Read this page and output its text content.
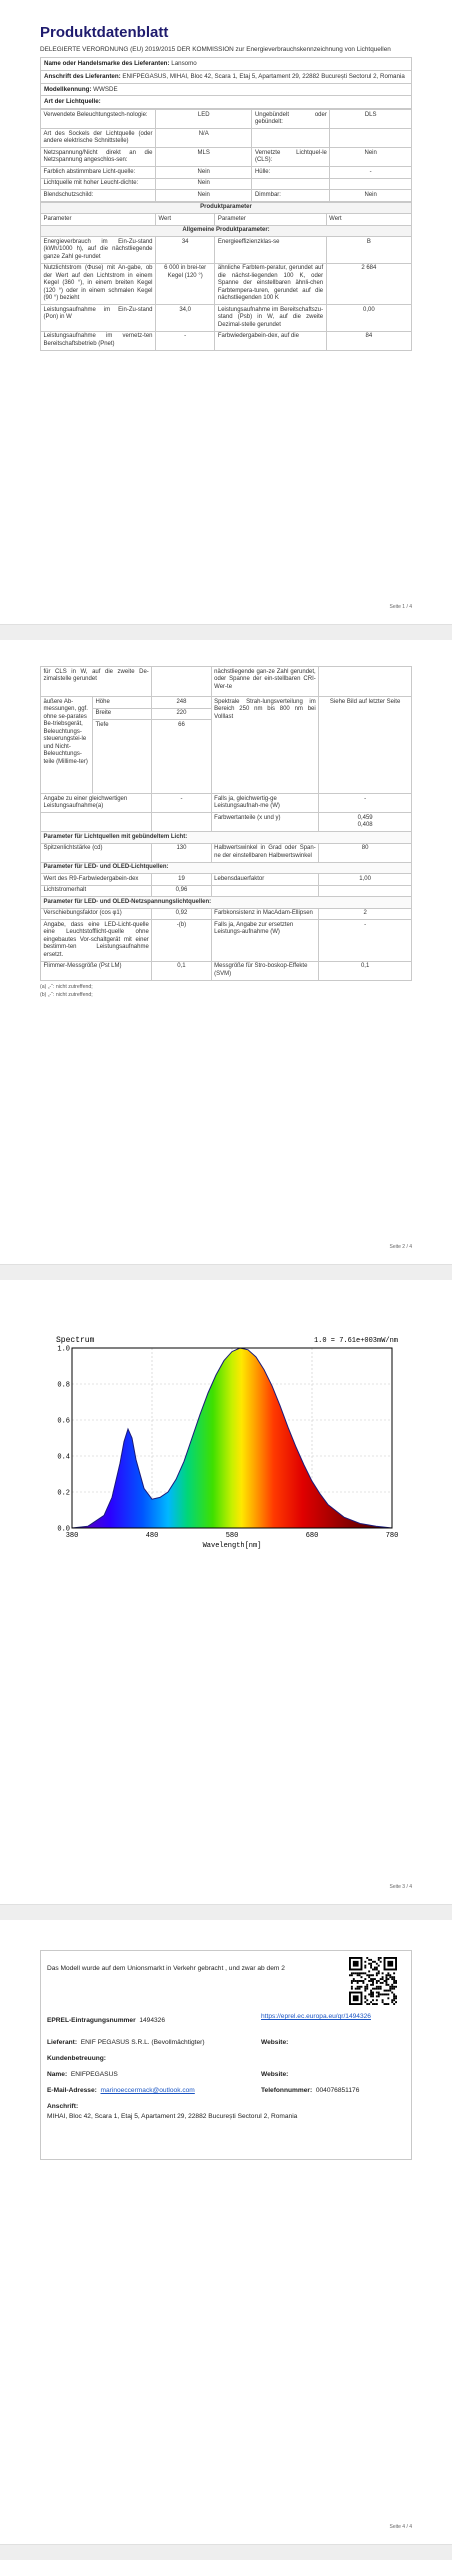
Produktdatenblatt
DELEGIERTE VERORDNUNG (EU) 2019/2015 DER KOMMISSION zur Energieverbrauchskennzeichnung von Lichtquellen
Name oder Handelsmarke des Lieferanten: Lansomo
Anschrift des Lieferanten: ENIFPEGASUS, MIHAI, Bloc 42, Scara 1, Etaj 5, Apartament 29, 22882 București Sectorul 2, Romania
Modellkennung: WWSDE
Art der Lichtquelle:
Verwendete Beleuchtungstech-nologie:	LED	Ungebündelt oder gebündelt:	DLS
Art des Sockels der Lichtquelle (oder andere elektrische Schnittstelle)	N/A		
Netzspannung/Nicht direkt an die Netzspannung angeschlos-sen:	MLS	Vernetzte Lichtquel-le (CLS):	Nein
Farblich abstimmbare Licht-quelle:	Nein	Hülle:	-
Lichtquelle mit hoher Leucht-dichte:	Nein		
Blendschutzschild:	Nein	Dimmbar:	Nein
Produktparameter			
Parameter	Wert	Parameter	Wert
Allgemeine Produktparameter:			
Energieverbrauch im Ein-Zu-stand (kWh/1000 h), auf die nächstliegende ganze Zahl ge-rundet	34	Energieeffizienzklas-se	B
Nutzlichtstrom (Φuse) mit An-gabe, ob der Wert auf den Lichtstrom in einem Kegel (360 °), in einem breiten Kegel (120 °) oder in einem schmalen Kegel (90 °) bezieht	6 000 in brei-ter Kegel (120 °)	ähnliche Farbtem-peratur, gerundet auf die nächst-liegenden 100 K, oder Spanne der einstellbaren ähnli-chen Farbtempera-turen, gerundet auf die nächstliegenden 100 K	2 684
Leistungsaufnahme im Ein-Zu-stand (Pon) in W	34,0	Leistungsaufnahme im Bereitschaftszu-stand (Psb) in W, auf die zweite Dezimal-stelle gerundet	0,00
Leistungsaufnahme im vernetz-ten Bereitschaftsbetrieb (Pnet)	-	Farbwiedergabein-dex, auf die	84
Seite 1 / 4
für CLS in W, auf die zweite De-zimalstelle gerundet			nächstliegende gan-ze Zahl gerundet, oder Spanne der ein-stellbaren CRI-Wer-te	
äußere Ab-messungen, ggf. ohne se-parates Be-triebsgerät, Beleuchtungs-steuerungstei-le und Nicht-Beleuchtungs-teile (Millime-ter)	Höhe	248	Spektrale Strah-lungsverteilung im Bereich 250 nm bis 800 nm bei Volllast	Siehe Bild auf letzter Seite
	Breite	220		
	Tiefe	66		
Angabe zu einer gleichwertigen Leistungsaufnahme(a)		-	Falls ja, gleichwertig-ge Leistungsaufnah-me (W)	-
			Farbwertanteile (x und y)	0,459
0,408
Parameter für Lichtquellen mit gebündeltem Licht:				
Spitzenlichtstärke (cd)		130	Halbwertswinkel in Grad oder Span-ne der einstellbaren Halbwertswinkel	80
Parameter für LED- und OLED-Lichtquellen:				
Wert des R9-Farbwiedergabein-dex		19	Lebensdauerfaktor	1,00
Lichtstromerhalt		0,96		
Parameter für LED- und OLED-Netzspannungslichtquellen:				
Verschiebungsfaktor (cos φ1)		0,92	Farbkonsistenz in MacAdam-Ellipsen	2
Angabe, dass eine LED-Licht-quelle eine Leuchtstofflicht-quelle ohne eingebautes Vor-schaltgerät mit einer bestimm-ten Leistungsaufnahme ersetzt.		-(b)	Falls ja, Angabe zur ersetzten Leistungs-aufnahme (W)	-
Flimmer-Messgröße (Pst LM)		0,1	Messgröße für Stro-boskop-Effekte (SVM)	0,1
(a) „-“: nicht zutreffend;
(b) „-“: nicht zutreffend;
Seite 2 / 4
380	480	580	680	780
0.0
0.2
0.4
0.6
0.8
1.0
Spectrum	1.0 = 7.61e+003mW/nm
Wavelength[nm]
Seite 3 / 4
Das Modell wurde auf dem Unionsmarkt in Verkehr gebracht , und zwar ab dem 2
EPREL-Eintragungsnummer 1494326
https://eprel.ec.europa.eu/qr/1494326
Lieferant: ENIF PEGASUS S.R.L. (Bevollmächtigter)	Website:
Kundenbetreuung:
Name: ENIFPEGASUS	Website:
E-Mail-Adresse: marinoeccermack@outlook.com	Telefonnummer: 004076851176
Anschrift:
MIHAI, Bloc 42, Scara 1, Etaj 5, Apartament 29, 22882 București Sectorul 2, Romania
Seite 4 / 4
